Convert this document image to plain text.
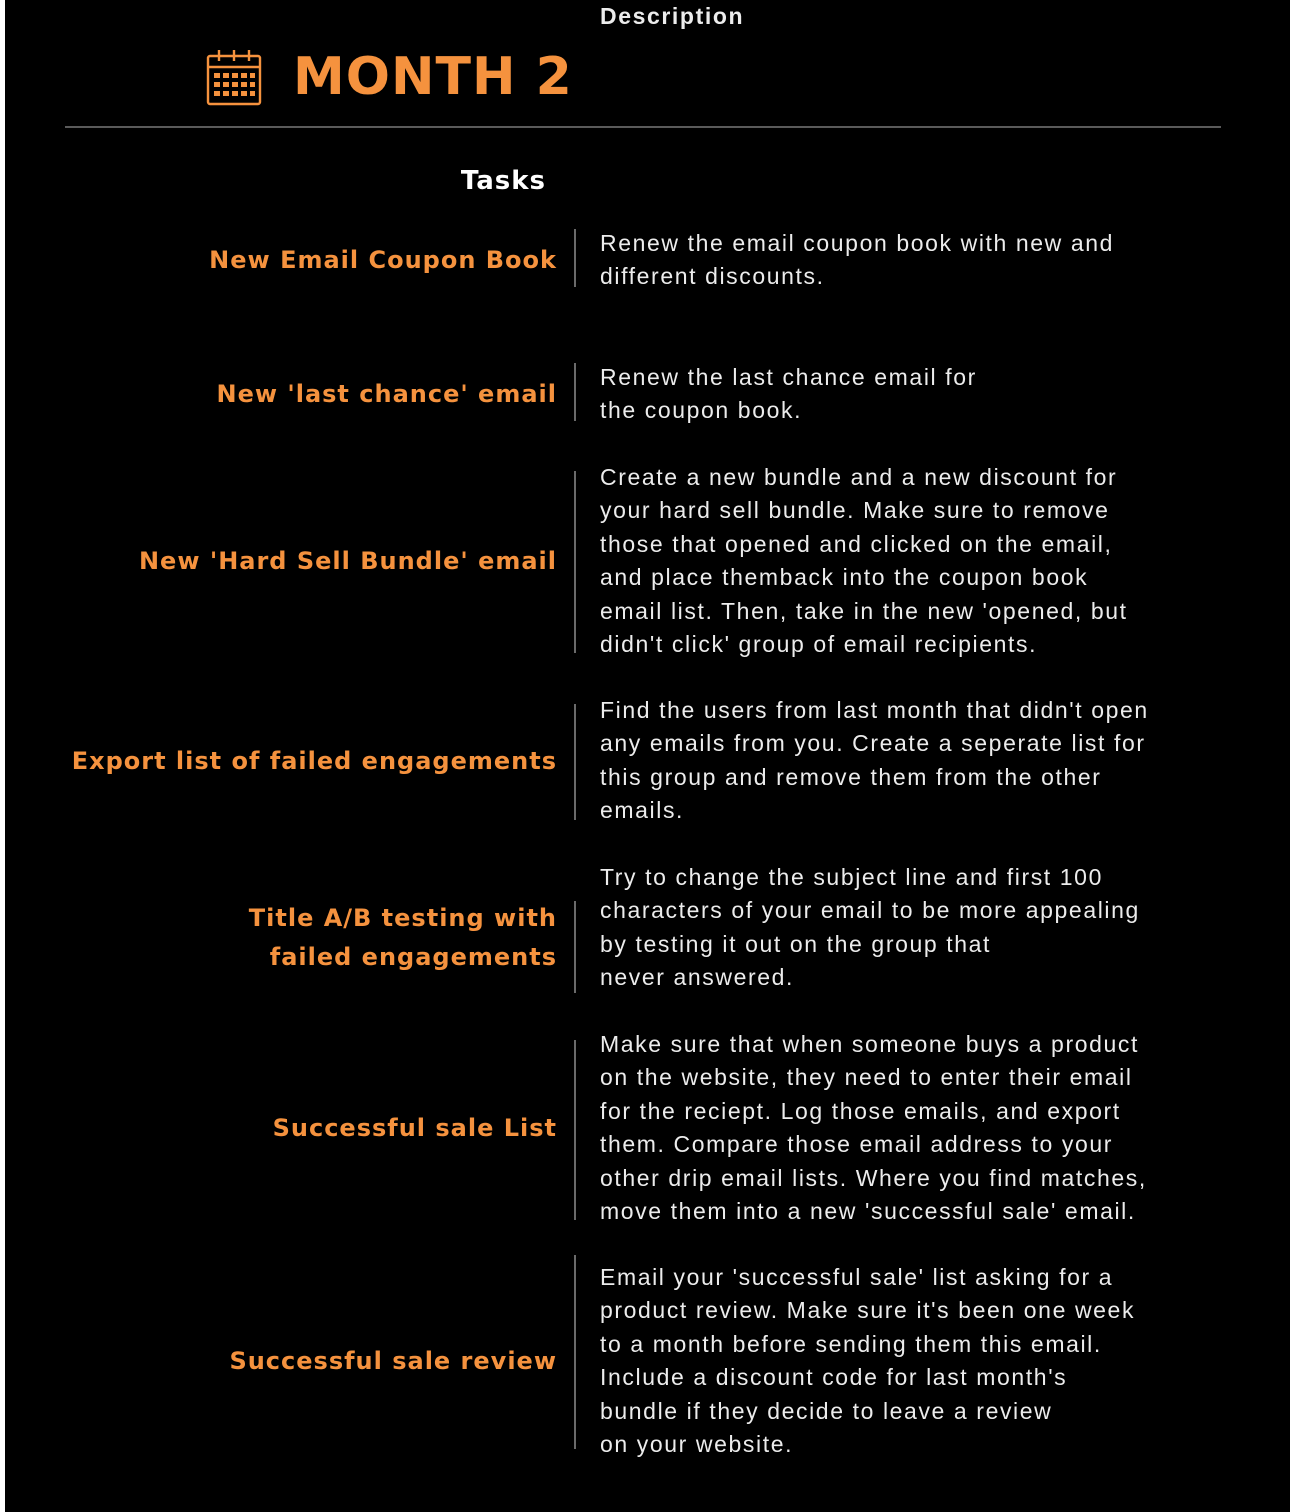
MONTH 2
Tasks
Description
New Email Coupon Book
Renew the email coupon book with new and
different discounts.
New 'last chance' email
Renew the last chance email for
the coupon book.
New 'Hard Sell Bundle' email
Create a new bundle and a new discount for
your hard sell bundle. Make sure to remove
those that opened and clicked on the email,
and place themback into the coupon book
email list. Then, take in the new 'opened, but
didn't click' group of email recipients.
Export list of failed engagements
Find the users from last month that didn't open
any emails from you. Create a seperate list for
this group and remove them from the other
emails.
Title A/B testing with
failed engagements
Try to change the subject line and first 100
characters of your email to be more appealing
by testing it out on the group that
never answered.
Successful sale List
Make sure that when someone buys a product
on the website, they need to enter their email
for the reciept. Log those emails, and export
them. Compare those email address to your
other drip email lists. Where you find matches,
move them into a new 'successful sale' email.
Successful sale review
Email your 'successful sale' list asking for a
product review. Make sure it's been one week
to a month before sending them this email.
Include a discount code for last month's
bundle if they decide to leave a review
on your website.
